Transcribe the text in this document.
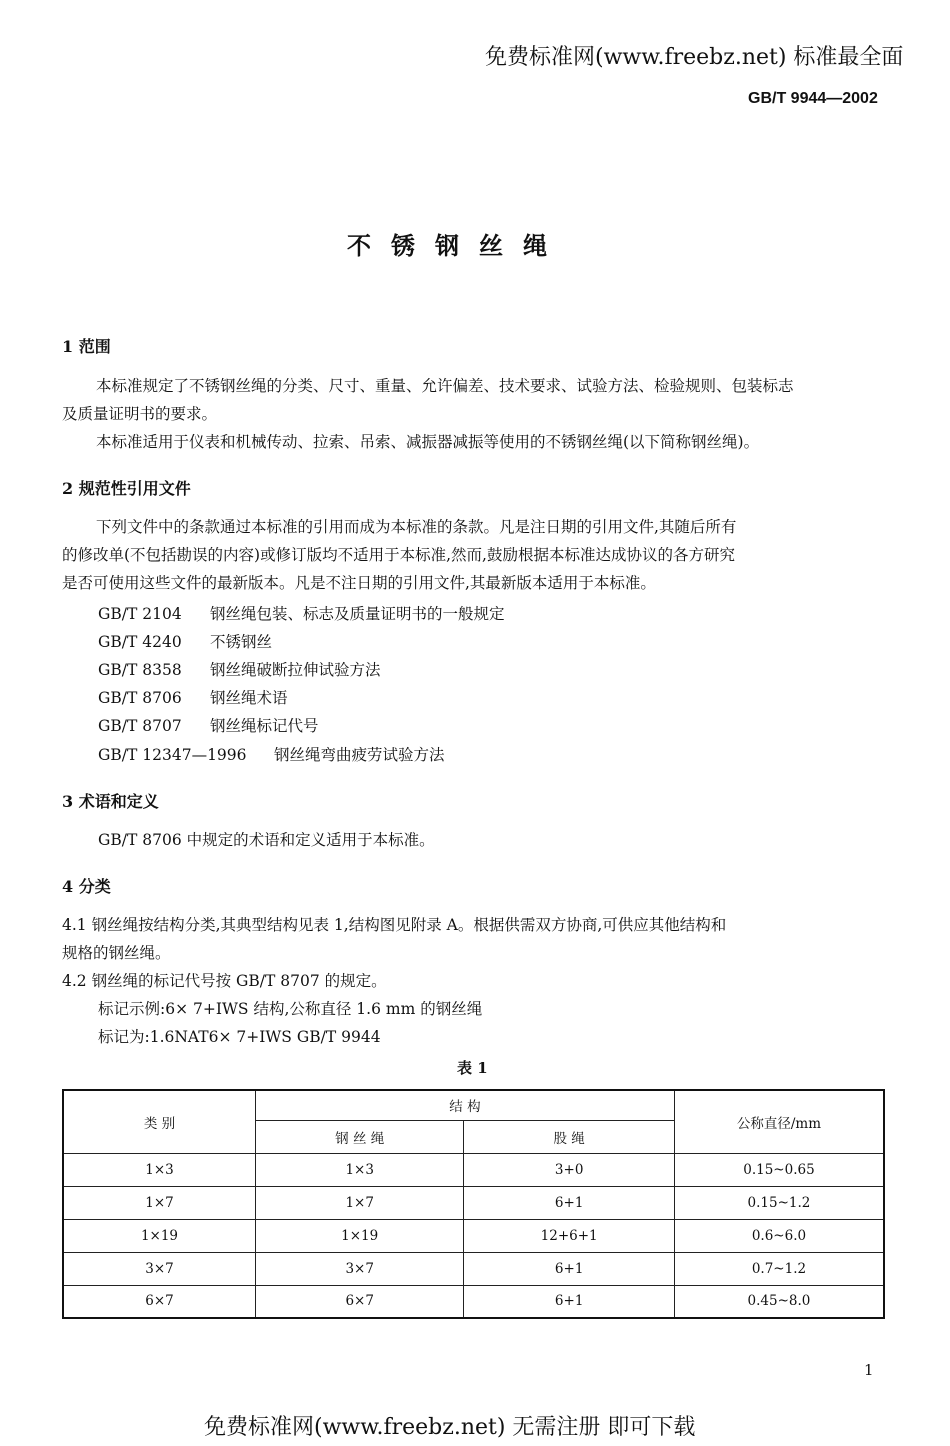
免费标准网(www.freebz.net) 标准最全面
GB/T 9944—2002
不锈钢丝绳
1 范围
本标准规定了不锈钢丝绳的分类、尺寸、重量、允许偏差、技术要求、试验方法、检验规则、包装标志
及质量证明书的要求。
本标准适用于仪表和机械传动、拉索、吊索、减振器减振等使用的不锈钢丝绳(以下简称钢丝绳)。
2 规范性引用文件
下列文件中的条款通过本标准的引用而成为本标准的条款。凡是注日期的引用文件,其随后所有
的修改单(不包括勘误的内容)或修订版均不适用于本标准,然而,鼓励根据本标准达成协议的各方研究
是否可使用这些文件的最新版本。凡是不注日期的引用文件,其最新版本适用于本标准。
GB/T 2104 钢丝绳包装、标志及质量证明书的一般规定
GB/T 4240 不锈钢丝
GB/T 8358 钢丝绳破断拉伸试验方法
GB/T 8706 钢丝绳术语
GB/T 8707 钢丝绳标记代号
GB/T 12347—1996 钢丝绳弯曲疲劳试验方法
3 术语和定义
GB/T 8706 中规定的术语和定义适用于本标准。
4 分类
4.1 钢丝绳按结构分类,其典型结构见表 1,结构图见附录 A。根据供需双方协商,可供应其他结构和
规格的钢丝绳。
4.2 钢丝绳的标记代号按 GB/T 8707 的规定。
标记示例:6× 7+IWS 结构,公称直径 1.6 mm 的钢丝绳
标记为:1.6NAT6× 7+IWS GB/T 9944
表 1
类 别	结 构		公称直径/mm
	钢 丝 绳	股 绳	
1×3	1×3	3+0	0.15~0.65
1×7	1×7	6+1	0.15~1.2
1×19	1×19	12+6+1	0.6~6.0
3×7	3×7	6+1	0.7~1.2
6×7	6×7	6+1	0.45~8.0
1
免费标准网(www.freebz.net) 无需注册 即可下载
